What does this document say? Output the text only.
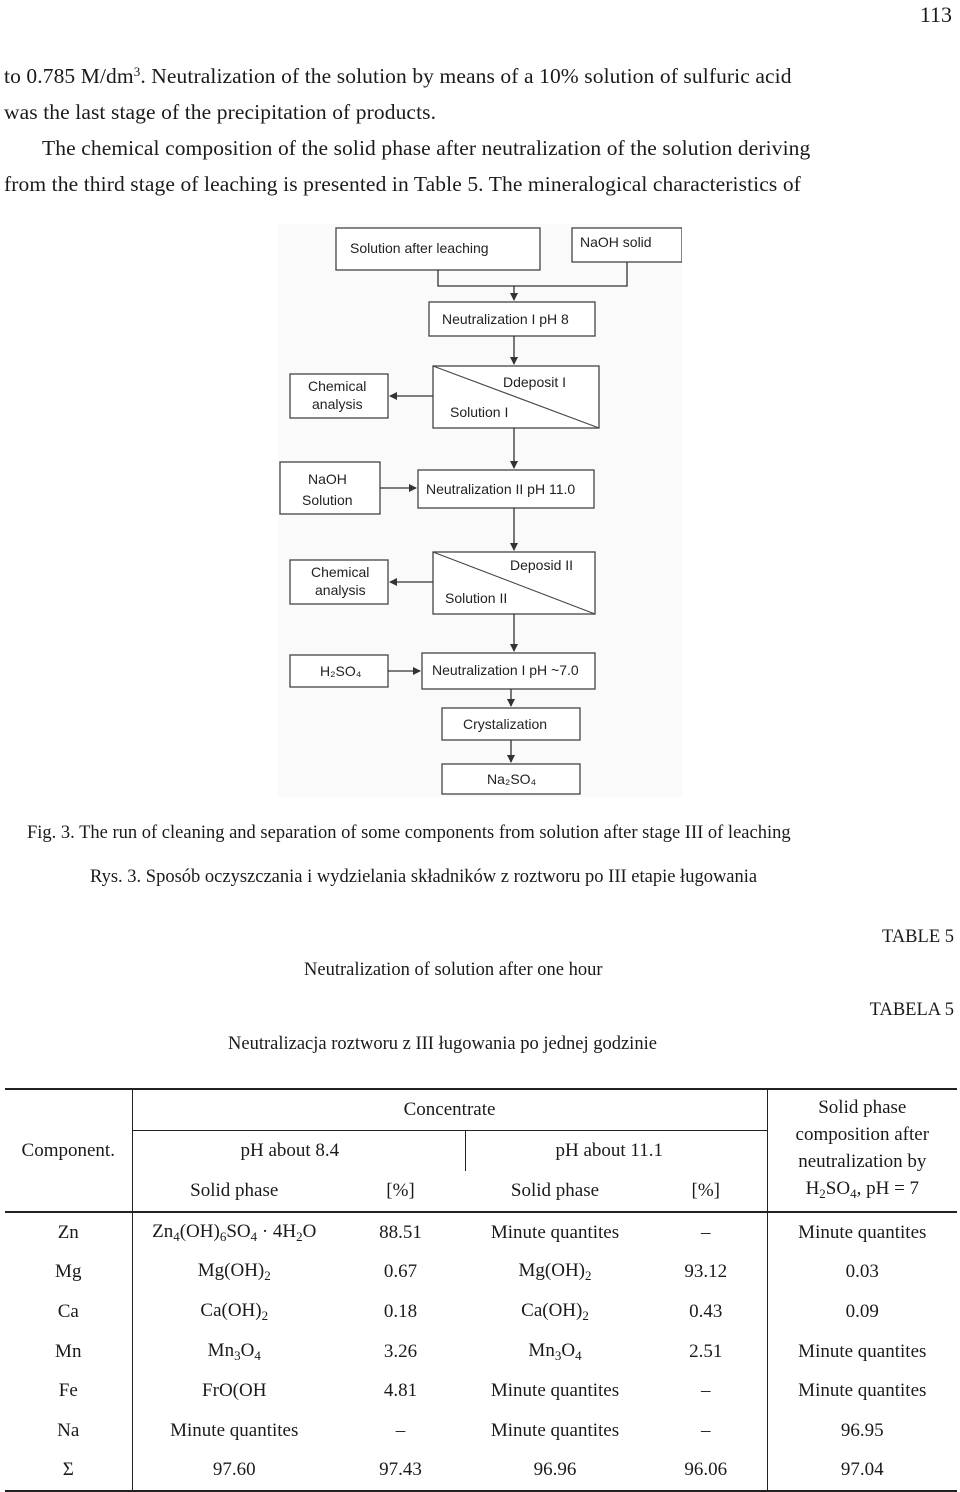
113
to 0.785 $M/dm^3$. Neutralization of the solution by means of a 10% solution of sulfuric acid
was the last stage of the precipitation of products.
The chemical composition of the solid phase after neutralization of the solution deriving
from the third stage of leaching is presented in Table 5. The mineralogical characteristics of
Solution after leaching	NaOH solid
Neutralization I pH 8
Chemical
analysis
Ddeposit I
Solution I
NaOH
Solution
Neutralization II pH 11.0
Chemical
analysis
Deposid II
Solution II
H₂SO₄	Neutralization I pH ~7.0
Crystalization
Na₂SO₄
Fig. 3. The run of cleaning and separation of some components from solution after stage III of leaching
Rys. 3. Sposób oczyszczania i wydzielania składników z roztworu po III etapie ługowania
TABLE 5
Neutralization of solution after one hour
TABELA 5
Neutralizacja roztworu z III ługowania po jednej godzinie
Component.	Concentrate				Solid phase
composition after
neutralization by
$H_2SO_4$, pH = 7

	pH about 8.4		pH about 11.1		
	Solid phase	[%]	Solid phase	[%]	
Zn	$Zn_4(OH)_6SO_4 \cdot 4H_2O$	88.51	Minute quantites	–	Minute quantites
Mg	$Mg(OH)_2$	0.67	$Mg(OH)_2$	93.12	0.03
Ca	$Ca(OH)_2$	0.18	$Ca(OH)_2$	0.43	0.09
Mn	$Mn_3O_4$	3.26	$Mn_3O_4$	2.51	Minute quantites
Fe	FrO(OH	4.81	Minute quantites	–	Minute quantites
Na	Minute quantites	–	Minute quantites	–	96.95
Σ	97.60	97.43	96.96	96.06	97.04
